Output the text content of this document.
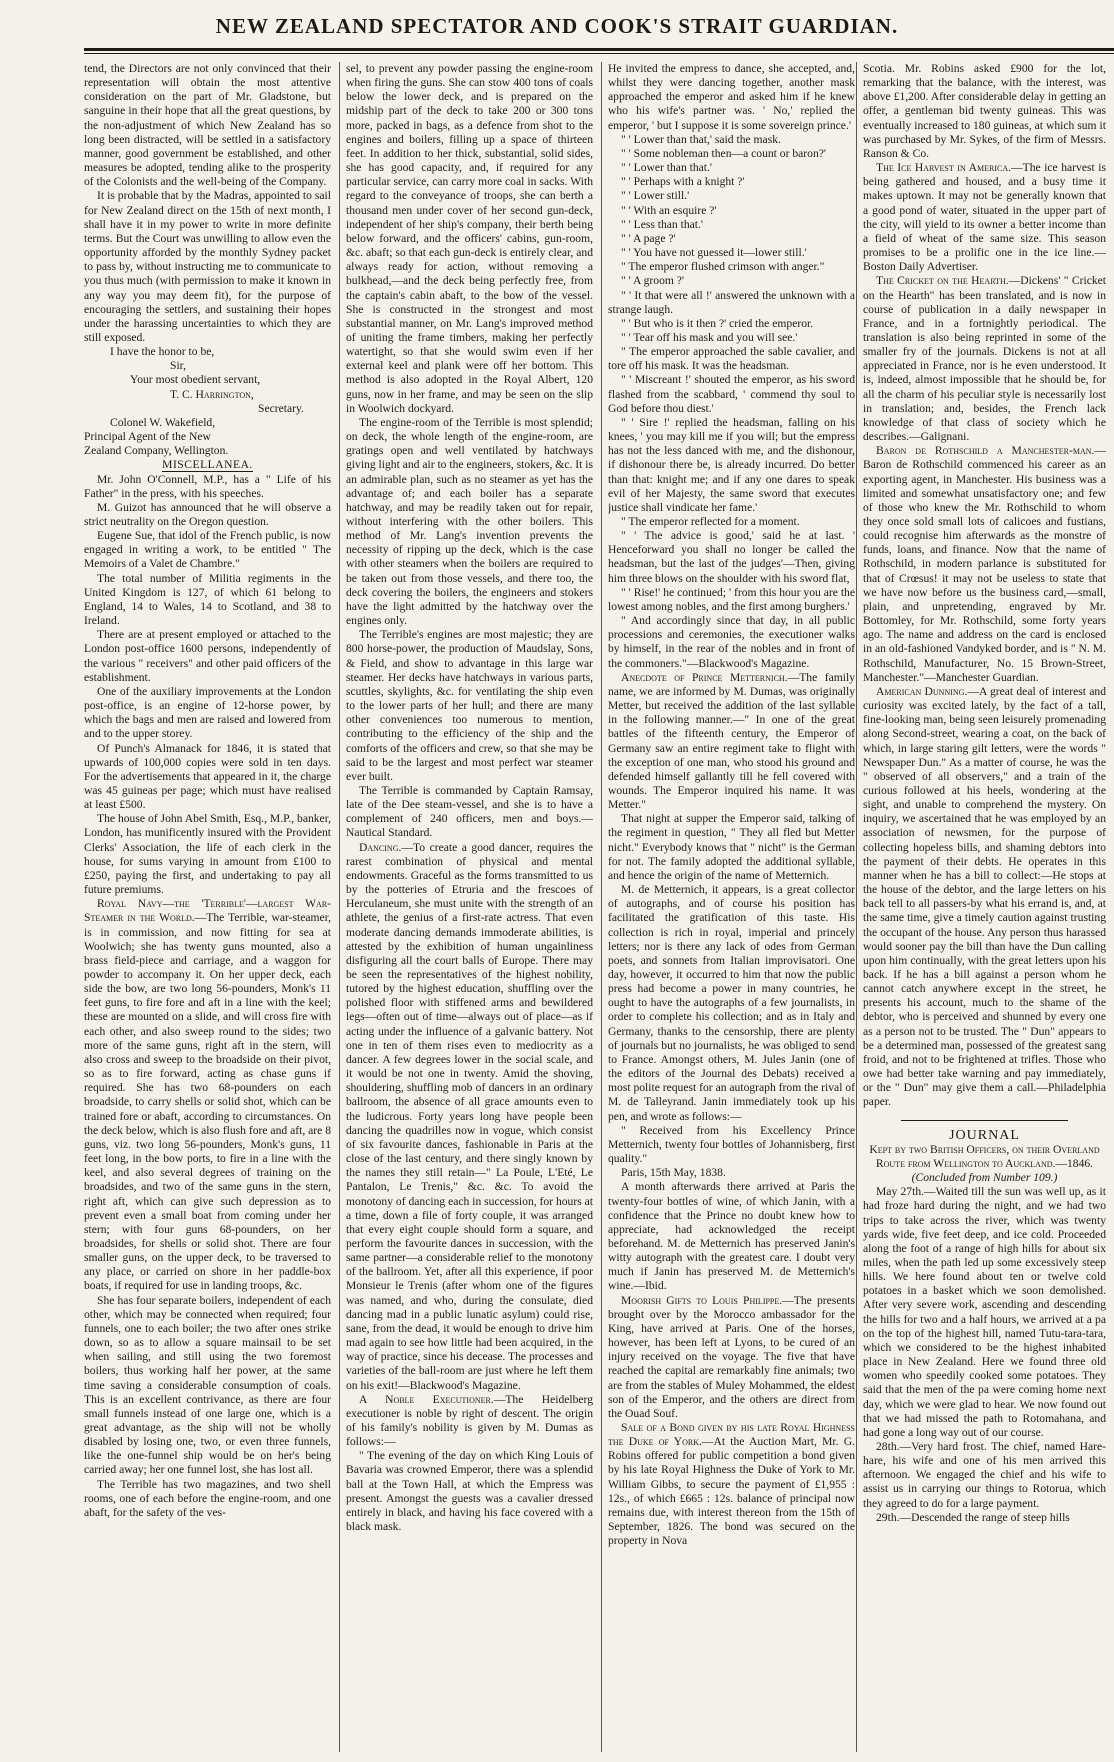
NEW ZEALAND SPECTATOR AND COOK'S STRAIT GUARDIAN.

tend, the Directors are not only convinced that their representation will obtain the most attentive consideration on the part of Mr. Gladstone, but sanguine in their hope that all the great questions, by the non-adjustment of which New Zealand has so long been distracted, will be settled in a satisfactory manner, good government be established, and other measures be adopted, tending alike to the prosperity of the Colonists and the well-being of the Company.

It is probable that by the Madras, appointed to sail for New Zealand direct on the 15th of next month, I shall have it in my power to write in more definite terms. But the Court was unwilling to allow even the opportunity afforded by the monthly Sydney packet to pass by, without instructing me to communicate to you thus much (with permission to make it known in any way you may deem fit), for the purpose of encouraging the settlers, and sustaining their hopes under the harassing uncertainties to which they are still exposed.

I have the honor to be,

Sir,

Your most obedient servant,

T. C. Harrington,

Secretary.

Colonel W. Wakefield,

Principal Agent of the New

Zealand Company, Wellington.

MISCELLANEA.

Mr. John O'Connell, M.P., has a " Life of his Father" in the press, with his speeches.

M. Guizot has announced that he will observe a strict neutrality on the Oregon question.

Eugene Sue, that idol of the French public, is now engaged in writing a work, to be entitled " The Memoirs of a Valet de Chambre."

The total number of Militia regiments in the United Kingdom is 127, of which 61 belong to England, 14 to Wales, 14 to Scotland, and 38 to Ireland.

There are at present employed or attached to the London post-office 1600 persons, independently of the various " receivers" and other paid officers of the establishment.

One of the auxiliary improvements at the London post-office, is an engine of 12-horse power, by which the bags and men are raised and lowered from and to the upper storey.

Of Punch's Almanack for 1846, it is stated that upwards of 100,000 copies were sold in ten days. For the advertisements that appeared in it, the charge was 45 guineas per page; which must have realised at least £500.

The house of John Abel Smith, Esq., M.P., banker, London, has munificently insured with the Provident Clerks' Association, the life of each clerk in the house, for sums varying in amount from £100 to £250, paying the first, and undertaking to pay all future premiums.

Royal Navy—the 'Terrible'—largest War-Steamer in the World.—The Terrible, war-steamer, is in commission, and now fitting for sea at Woolwich; she has twenty guns mounted, also a brass field-piece and carriage, and a waggon for powder to accompany it. On her upper deck, each side the bow, are two long 56-pounders, Monk's 11 feet guns, to fire fore and aft in a line with the keel; these are mounted on a slide, and will cross fire with each other, and also sweep round to the sides; two more of the same guns, right aft in the stern, will also cross and sweep to the broadside on their pivot, so as to fire forward, acting as chase guns if required. She has two 68-pounders on each broadside, to carry shells or solid shot, which can be trained fore or abaft, according to circumstances. On the deck below, which is also flush fore and aft, are 8 guns, viz. two long 56-pounders, Monk's guns, 11 feet long, in the bow ports, to fire in a line with the keel, and also several degrees of training on the broadsides, and two of the same guns in the stern, right aft, which can give such depression as to prevent even a small boat from coming under her stern; with four guns 68-pounders, on her broadsides, for shells or solid shot. There are four smaller guns, on the upper deck, to be traversed to any place, or carried on shore in her paddle-box boats, if required for use in landing troops, &c.

She has four separate boilers, independent of each other, which may be connected when required; four funnels, one to each boiler; the two after ones strike down, so as to allow a square mainsail to be set when sailing, and still using the two foremost boilers, thus working half her power, at the same time saving a considerable consumption of coals. This is an excellent contrivance, as there are four small funnels instead of one large one, which is a great advantage, as the ship will not be wholly disabled by losing one, two, or even three funnels, like the one-funnel ship would be on her's being carried away; her one funnel lost, she has lost all.

The Terrible has two magazines, and two shell rooms, one of each before the engine-room, and one abaft, for the safety of the ves-

sel, to prevent any powder passing the engine-room when firing the guns. She can stow 400 tons of coals below the lower deck, and is prepared on the midship part of the deck to take 200 or 300 tons more, packed in bags, as a defence from shot to the engines and boilers, filling up a space of thirteen feet. In addition to her thick, substantial, solid sides, she has good capacity, and, if required for any particular service, can carry more coal in sacks. With regard to the conveyance of troops, she can berth a thousand men under cover of her second gun-deck, independent of her ship's company, their berth being below forward, and the officers' cabins, gun-room, &c. abaft; so that each gun-deck is entirely clear, and always ready for action, without removing a bulkhead,—and the deck being perfectly free, from the captain's cabin abaft, to the bow of the vessel. She is constructed in the strongest and most substantial manner, on Mr. Lang's improved method of uniting the frame timbers, making her perfectly watertight, so that she would swim even if her external keel and plank were off her bottom. This method is also adopted in the Royal Albert, 120 guns, now in her frame, and may be seen on the slip in Woolwich dockyard.

The engine-room of the Terrible is most splendid; on deck, the whole length of the engine-room, are gratings open and well ventilated by hatchways giving light and air to the engineers, stokers, &c. It is an admirable plan, such as no steamer as yet has the advantage of; and each boiler has a separate hatchway, and may be readily taken out for repair, without interfering with the other boilers. This method of Mr. Lang's invention prevents the necessity of ripping up the deck, which is the case with other steamers when the boilers are required to be taken out from those vessels, and there too, the deck covering the boilers, the engineers and stokers have the light admitted by the hatchway over the engines only.

The Terrible's engines are most majestic; they are 800 horse-power, the production of Maudslay, Sons, & Field, and show to advantage in this large war steamer. Her decks have hatchways in various parts, scuttles, skylights, &c. for ventilating the ship even to the lower parts of her hull; and there are many other conveniences too numerous to mention, contributing to the efficiency of the ship and the comforts of the officers and crew, so that she may be said to be the largest and most perfect war steamer ever built.

The Terrible is commanded by Captain Ramsay, late of the Dee steam-vessel, and she is to have a complement of 240 officers, men and boys.—Nautical Standard.

Dancing.—To create a good dancer, requires the rarest combination of physical and mental endowments. Graceful as the forms transmitted to us by the potteries of Etruria and the frescoes of Herculaneum, she must unite with the strength of an athlete, the genius of a first-rate actress. That even moderate dancing demands immoderate abilities, is attested by the exhibition of human ungainliness disfiguring all the court balls of Europe. There may be seen the representatives of the highest nobility, tutored by the highest education, shuffling over the polished floor with stiffened arms and bewildered legs—often out of time—always out of place—as if acting under the influence of a galvanic battery. Not one in ten of them rises even to mediocrity as a dancer. A few degrees lower in the social scale, and it would be not one in twenty. Amid the shoving, shouldering, shuffling mob of dancers in an ordinary ballroom, the absence of all grace amounts even to the ludicrous. Forty years long have people been dancing the quadrilles now in vogue, which consist of six favourite dances, fashionable in Paris at the close of the last century, and there singly known by the names they still retain—" La Poule, L'Eté, Le Pantalon, Le Trenis," &c. &c. To avoid the monotony of dancing each in succession, for hours at a time, down a file of forty couple, it was arranged that every eight couple should form a square, and perform the favourite dances in succession, with the same partner—a considerable relief to the monotony of the ballroom. Yet, after all this experience, if poor Monsieur le Trenis (after whom one of the figures was named, and who, during the consulate, died dancing mad in a public lunatic asylum) could rise, sane, from the dead, it would be enough to drive him mad again to see how little had been acquired, in the way of practice, since his decease. The processes and varieties of the ball-room are just where he left them on his exit!—Blackwood's Magazine.

A Noble Executioner.—The Heidelberg executioner is noble by right of descent. The origin of his family's nobility is given by M. Dumas as follows:—

" The evening of the day on which King Louis of Bavaria was crowned Emperor, there was a splendid ball at the Town Hall, at which the Empress was present. Amongst the guests was a cavalier dressed entirely in black, and having his face covered with a black mask.

He invited the empress to dance, she accepted, and, whilst they were dancing together, another mask approached the emperor and asked him if he knew who his wife's partner was. ' No,' replied the emperor, ' but I suppose it is some sovereign prince.'

" ' Lower than that,' said the mask.

" ' Some nobleman then—a count or baron?'

" ' Lower than that.'

" ' Perhaps with a knight ?'

" ' Lower still.'

" ' With an esquire ?'

" ' Less than that.'

" ' A page ?'

" ' You have not guessed it—lower still.'

" The emperor flushed crimson with anger."

" ' A groom ?'

" ' It that were all !' answered the unknown with a strange laugh.

" ' But who is it then ?' cried the emperor.

" ' Tear off his mask and you will see.'

" The emperor approached the sable cavalier, and tore off his mask. It was the headsman.

" ' Miscreant !' shouted the emperor, as his sword flashed from the scabbard, ' commend thy soul to God before thou diest.'

" ' Sire !' replied the headsman, falling on his knees, ' you may kill me if you will; but the empress has not the less danced with me, and the dishonour, if dishonour there be, is already incurred. Do better than that: knight me; and if any one dares to speak evil of her Majesty, the same sword that executes justice shall vindicate her fame.'

" The emperor reflected for a moment.

" ' The advice is good,' said he at last. ' Henceforward you shall no longer be called the headsman, but the last of the judges'—Then, giving him three blows on the shoulder with his sword flat,

" ' Rise!' he continued; ' from this hour you are the lowest among nobles, and the first among burghers.'

" And accordingly since that day, in all public processions and ceremonies, the executioner walks by himself, in the rear of the nobles and in front of the commoners."—Blackwood's Magazine.

Anecdote of Prince Metternich.—The family name, we are informed by M. Dumas, was originally Metter, but received the addition of the last syllable in the following manner.—" In one of the great battles of the fifteenth century, the Emperor of Germany saw an entire regiment take to flight with the exception of one man, who stood his ground and defended himself gallantly till he fell covered with wounds. The Emperor inquired his name. It was Metter."

That night at supper the Emperor said, talking of the regiment in question, " They all fled but Metter nicht." Everybody knows that " nicht" is the German for not. The family adopted the additional syllable, and hence the origin of the name of Metternich.

M. de Metternich, it appears, is a great collector of autographs, and of course his position has facilitated the gratification of this taste. His collection is rich in royal, imperial and princely letters; nor is there any lack of odes from German poets, and sonnets from Italian improvisatori. One day, however, it occurred to him that now the public press had become a power in many countries, he ought to have the autographs of a few journalists, in order to complete his collection; and as in Italy and Germany, thanks to the censorship, there are plenty of journals but no journalists, he was obliged to send to France. Amongst others, M. Jules Janin (one of the editors of the Journal des Debats) received a most polite request for an autograph from the rival of M. de Talleyrand. Janin immediately took up his pen, and wrote as follows:—

" Received from his Excellency Prince Metternich, twenty four bottles of Johannisberg, first quality."

Paris, 15th May, 1838.

A month afterwards there arrived at Paris the twenty-four bottles of wine, of which Janin, with a confidence that the Prince no doubt knew how to appreciate, had acknowledged the receipt beforehand. M. de Metternich has preserved Janin's witty autograph with the greatest care. I doubt very much if Janin has preserved M. de Metternich's wine.—Ibid.

Moorish Gifts to Louis Philippe.—The presents brought over by the Morocco ambassador for the King, have arrived at Paris. One of the horses, however, has been left at Lyons, to be cured of an injury received on the voyage. The five that have reached the capital are remarkably fine animals; two are from the stables of Muley Mohammed, the eldest son of the Emperor, and the others are direct from the Ouad Souf.

Sale of a Bond given by his late Royal Highness the Duke of York.—At the Auction Mart, Mr. G. Robins offered for public competition a bond given by his late Royal Highness the Duke of York to Mr. William Gibbs, to secure the payment of £1,955 : 12s., of which £665 : 12s. balance of principal now remains due, with interest thereon from the 15th of September, 1826. The bond was secured on the property in Nova

Scotia. Mr. Robins asked £900 for the lot, remarking that the balance, with the interest, was above £1,200. After considerable delay in getting an offer, a gentleman bid twenty guineas. This was eventually increased to 180 guineas, at which sum it was purchased by Mr. Sykes, of the firm of Messrs. Ranson & Co.

The Ice Harvest in America.—The ice harvest is being gathered and housed, and a busy time it makes uptown. It may not be generally known that a good pond of water, situated in the upper part of the city, will yield to its owner a better income than a field of wheat of the same size. This season promises to be a prolific one in the ice line.—Boston Daily Advertiser.

The Cricket on the Hearth.—Dickens' " Cricket on the Hearth" has been translated, and is now in course of publication in a daily newspaper in France, and in a fortnightly periodical. The translation is also being reprinted in some of the smaller fry of the journals. Dickens is not at all appreciated in France, nor is he even understood. It is, indeed, almost impossible that he should be, for all the charm of his peculiar style is necessarily lost in translation; and, besides, the French lack knowledge of that class of society which he describes.—Galignani.

Baron de Rothschild a Manchester-man.—Baron de Rothschild commenced his career as an exporting agent, in Manchester. His business was a limited and somewhat unsatisfactory one; and few of those who knew the Mr. Rothschild to whom they once sold small lots of calicoes and fustians, could recognise him afterwards as the monstre of funds, loans, and finance. Now that the name of Rothschild, in modern parlance is substituted for that of Crœsus! it may not be useless to state that we have now before us the business card,—small, plain, and unpretending, engraved by Mr. Bottomley, for Mr. Rothschild, some forty years ago. The name and address on the card is enclosed in an old-fashioned Vandyked border, and is " N. M. Rothschild, Manufacturer, No. 15 Brown-Street, Manchester."—Manchester Guardian.

American Dunning.—A great deal of interest and curiosity was excited lately, by the fact of a tall, fine-looking man, being seen leisurely promenading along Second-street, wearing a coat, on the back of which, in large staring gilt letters, were the words " Newspaper Dun." As a matter of course, he was the " observed of all observers," and a train of the curious followed at his heels, wondering at the sight, and unable to comprehend the mystery. On inquiry, we ascertained that he was employed by an association of newsmen, for the purpose of collecting hopeless bills, and shaming debtors into the payment of their debts. He operates in this manner when he has a bill to collect:—He stops at the house of the debtor, and the large letters on his back tell to all passers-by what his errand is, and, at the same time, give a timely caution against trusting the occupant of the house. Any person thus harassed would sooner pay the bill than have the Dun calling upon him continually, with the great letters upon his back. If he has a bill against a person whom he cannot catch anywhere except in the street, he presents his account, much to the shame of the debtor, who is perceived and shunned by every one as a person not to be trusted. The " Dun" appears to be a determined man, possessed of the greatest sang froid, and not to be frightened at trifles. Those who owe had better take warning and pay immediately, or the " Dun" may give them a call.—Philadelphia paper.

JOURNAL

Kept by two British Officers, on their Overland Route from Wellington to Auckland.—1846.

(Concluded from Number 109.)

May 27th.—Waited till the sun was well up, as it had froze hard during the night, and we had two trips to take across the river, which was twenty yards wide, five feet deep, and ice cold. Proceeded along the foot of a range of high hills for about six miles, when the path led up some excessively steep hills. We here found about ten or twelve cold potatoes in a basket which we soon demolished. After very severe work, ascending and descending the hills for two and a half hours, we arrived at a pa on the top of the highest hill, named Tutu-tara-tara, which we considered to be the highest inhabited place in New Zealand. Here we found three old women who speedily cooked some potatoes. They said that the men of the pa were coming home next day, which we were glad to hear. We now found out that we had missed the path to Rotomahana, and had gone a long way out of our course.

28th.—Very hard frost. The chief, named Hare-hare, his wife and one of his men arrived this afternoon. We engaged the chief and his wife to assist us in carrying our things to Rotorua, which they agreed to do for a large payment.

29th.—Descended the range of steep hills
